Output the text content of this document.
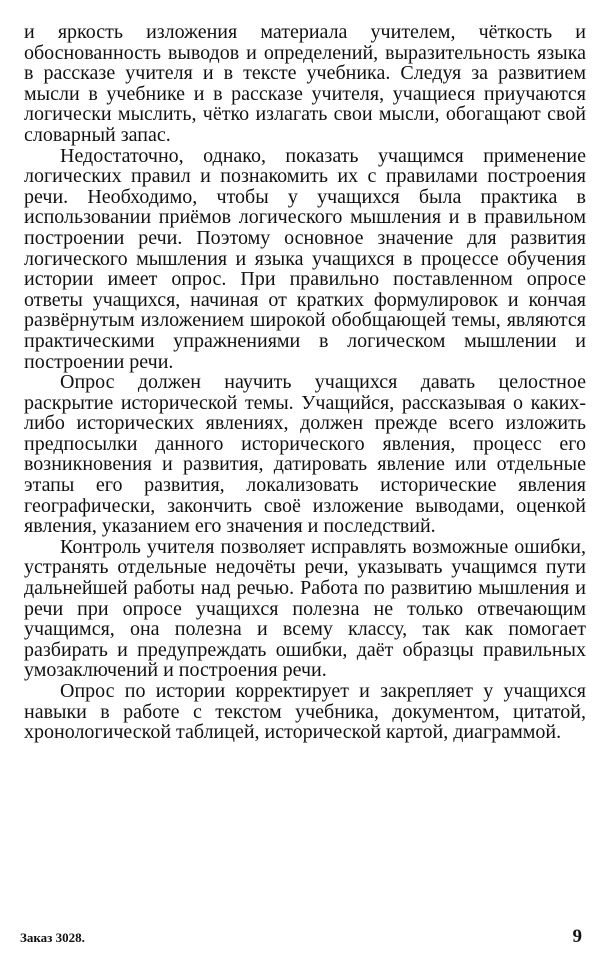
и яркость изложения материала учителем, чёткость и обоснованность выводов и определений, выразительность языка в рассказе учителя и в тексте учебника. Следуя за развитием мысли в учебнике и в рассказе учителя, учащиеся приучаются логически мыслить, чётко излагать свои мысли, обогащают свой словарный запас.

Недостаточно, однако, показать учащимся применение логических правил и познакомить их с правилами построения речи. Необходимо, чтобы у учащихся была практика в использовании приёмов логического мышления и в правильном построении речи. Поэтому основное значение для развития логического мышления и языка учащихся в процессе обучения истории имеет опрос. При правильно поставленном опросе ответы учащихся, начиная от кратких формулировок и кончая развёрнутым изложением широкой обобщающей темы, являются практическими упражнениями в логическом мышлении и построении речи.

Опрос должен научить учащихся давать целостное раскрытие исторической темы. Учащийся, рассказывая о каких-либо исторических явлениях, должен прежде всего изложить предпосылки данного исторического явления, процесс его возникновения и развития, датировать явление или отдельные этапы его развития, локализовать исторические явления географически, закончить своё изложение выводами, оценкой явления, указанием его значения и последствий.

Контроль учителя позволяет исправлять возможные ошибки, устранять отдельные недочёты речи, указывать учащимся пути дальнейшей работы над речью. Работа по развитию мышления и речи при опросе учащихся полезна не только отвечающим учащимся, она полезна и всему классу, так как помогает разбирать и предупреждать ошибки, даёт образцы правильных умозаключений и построения речи.

Опрос по истории корректирует и закрепляет у учащихся навыки в работе с текстом учебника, документом, цитатой, хронологической таблицей, исторической картой, диаграммой.

Заказ 3028.	9
